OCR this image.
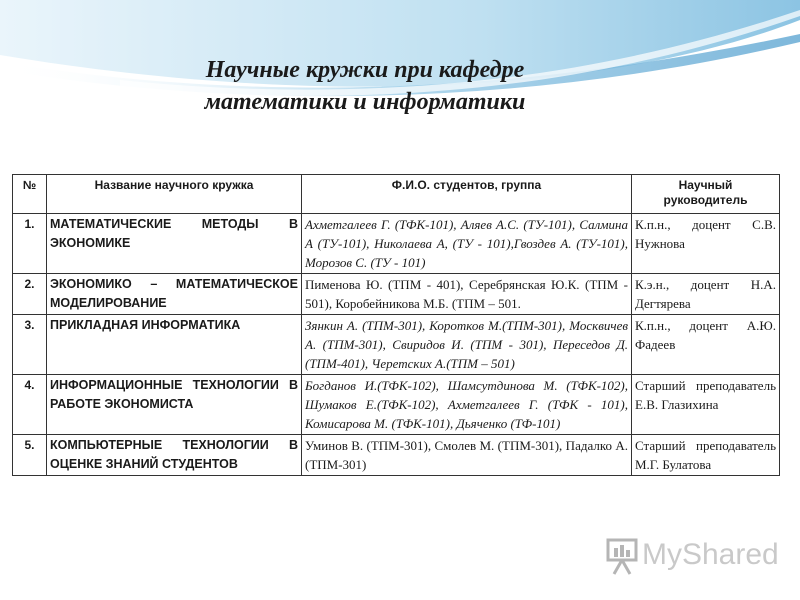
Научные кружки при кафедре
математики и информатики
№	Название научного кружка	Ф.И.О. студентов, группа	Научный руководитель
1.	МАТЕМАТИЧЕСКИЕ МЕТОДЫ В ЭКОНОМИКЕ	Ахметгалеев Г. (ТФК-101), Аляев А.С. (ТУ-101), Салмина А (ТУ-101), Николаева А, (ТУ - 101),Гвоздев А. (ТУ-101), Морозов С. (ТУ - 101)	К.п.н., доцент С.В. Нужнова
2.	ЭКОНОМИКО – МАТЕМАТИЧЕСКОЕ МОДЕЛИРОВАНИЕ	Пименова Ю. (ТПМ - 401), Серебрянская Ю.К. (ТПМ - 501), Коробейникова М.Б. (ТПМ – 501.	К.э.н., доцент Н.А. Дегтярева
3.	ПРИКЛАДНАЯ ИНФОРМАТИКА	Зянкин А. (ТПМ-301), Коротков М.(ТПМ-301), Москвичев А. (ТПМ-301), Свиридов И. (ТПМ - 301), Переседов Д. (ТПМ-401), Черетских А.(ТПМ – 501)	К.п.н., доцент А.Ю. Фадеев
4.	ИНФОРМАЦИОННЫЕ ТЕХНОЛОГИИ В РАБОТЕ ЭКОНОМИСТА	Богданов И.(ТФК-102), Шамсутдинова М. (ТФК-102), Шумаков Е.(ТФК-102), Ахметгалеев Г. (ТФК - 101), Комисарова М. (ТФК-101), Дьяченко (ТФ-101)	Старший преподаватель Е.В. Глазихина
5.	КОМПЬЮТЕРНЫЕ ТЕХНОЛОГИИ В ОЦЕНКЕ ЗНАНИЙ СТУДЕНТОВ	Уминов В. (ТПМ-301), Смолев М. (ТПМ-301), Падалко А. (ТПМ-301)	Старший преподаватель М.Г. Булатова
MyShared
